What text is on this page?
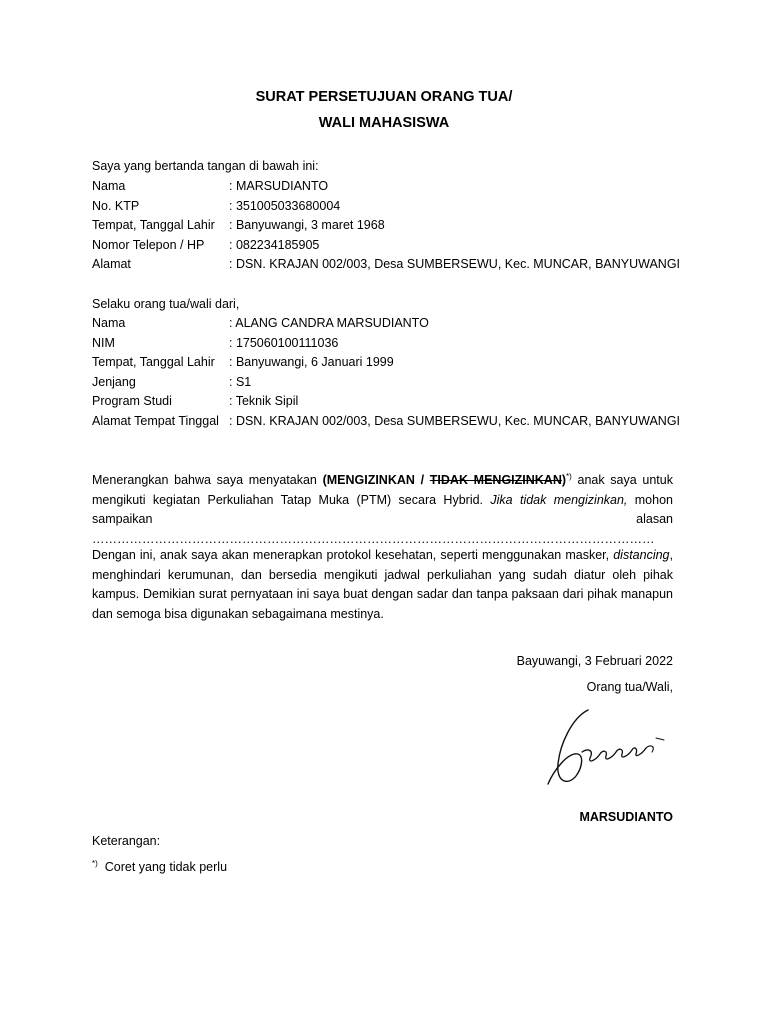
SURAT PERSETUJUAN ORANG TUA/
WALI MAHASISWA
Saya yang bertanda tangan di bawah ini:
Nama	: MARSUDIANTO
No. KTP	: 351005033680004
Tempat, Tanggal Lahir : Banyuwangi, 3 maret 1968
Nomor Telepon / HP : 082234185905
Alamat	: DSN. KRAJAN 002/003, Desa SUMBERSEWU, Kec. MUNCAR, BANYUWANGI
Selaku orang tua/wali dari,
Nama	: ALANG CANDRA MARSUDIANTO
NIM	: 175060100111036
Tempat, Tanggal Lahir : Banyuwangi, 6 Januari 1999
Jenjang	: S1
Program Studi	: Teknik Sipil
Alamat Tempat Tinggal : DSN. KRAJAN 002/003, Desa SUMBERSEWU, Kec. MUNCAR, BANYUWANGI
Menerangkan bahwa saya menyatakan (MENGIZINKAN / TIDAK MENGIZINKAN)*) anak saya untuk mengikuti kegiatan Perkuliahan Tatap Muka (PTM) secara Hybrid. Jika tidak mengizinkan, mohon sampaikan alasan ………………………………………………………………………………………………………………………
Dengan ini, anak saya akan menerapkan protokol kesehatan, seperti menggunakan masker, distancing, menghindari kerumunan, dan bersedia mengikuti jadwal perkuliahan yang sudah diatur oleh pihak kampus. Demikian surat pernyataan ini saya buat dengan sadar dan tanpa paksaan dari pihak manapun dan semoga bisa digunakan sebagaimana mestinya.
Bayuwangi, 3 Februari 2022
Orang tua/Wali,
MARSUDIANTO
Keterangan:
*) Coret yang tidak perlu
